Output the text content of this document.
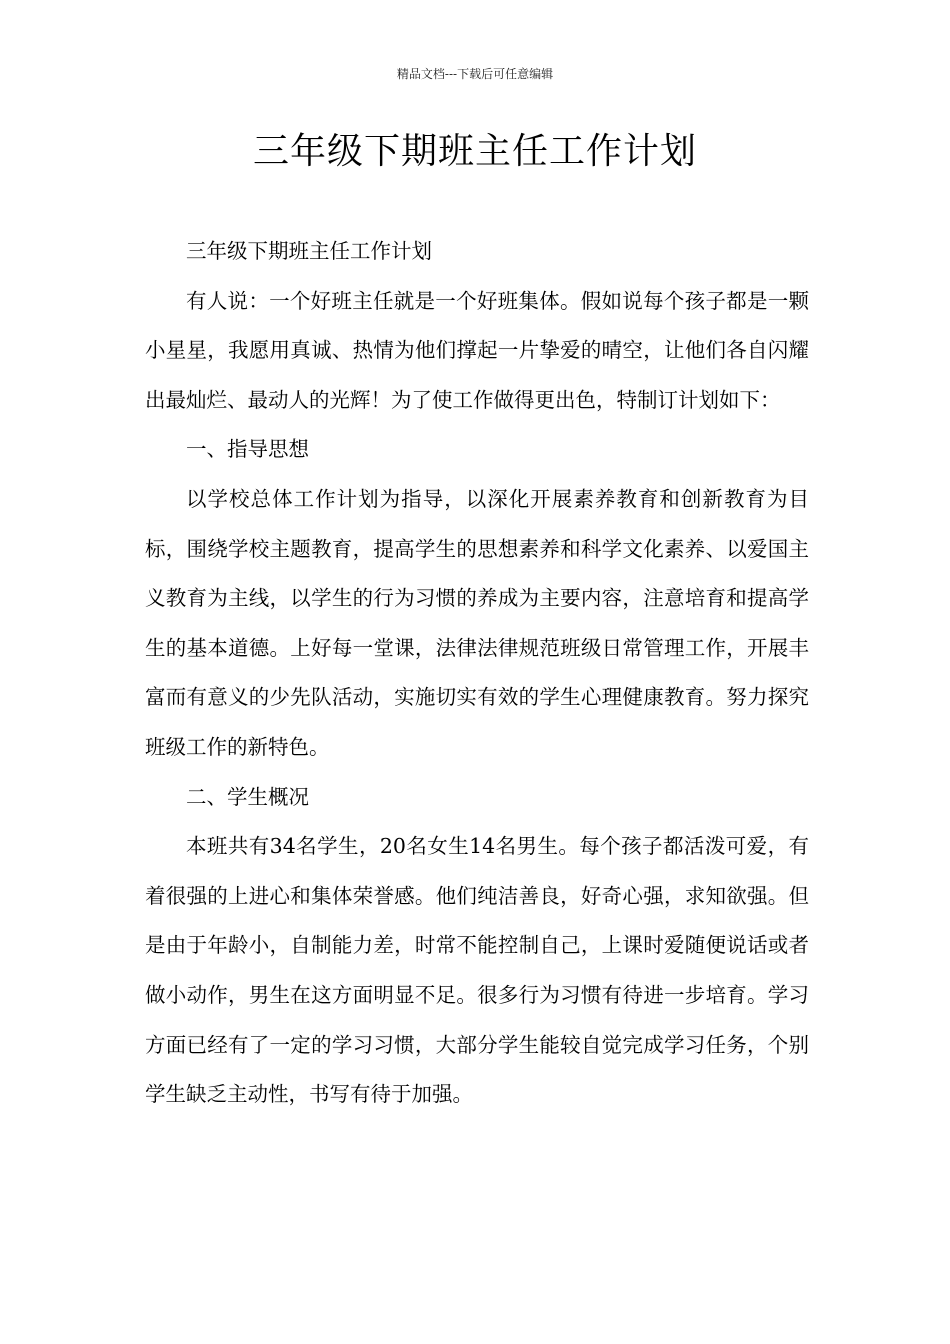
精品文档---下载后可任意编辑
三年级下期班主任工作计划

三年级下期班主任工作计划

有人说：一个好班主任就是一个好班集体。假如说每个孩子都是一颗小星星，我愿用真诚、热情为他们撑起一片挚爱的晴空，让他们各自闪耀出最灿烂、最动人的光辉！为了使工作做得更出色，特制订计划如下：

一、指导思想

以学校总体工作计划为指导，以深化开展素养教育和创新教育为目标，围绕学校主题教育，提高学生的思想素养和科学文化素养、以爱国主义教育为主线，以学生的行为习惯的养成为主要内容，注意培育和提高学生的基本道德。上好每一堂课，法律法律规范班级日常管理工作，开展丰富而有意义的少先队活动，实施切实有效的学生心理健康教育。努力探究班级工作的新特色。

二、学生概况

本班共有34名学生，20名女生14名男生。每个孩子都活泼可爱，有着很强的上进心和集体荣誉感。他们纯洁善良，好奇心强，求知欲强。但是由于年龄小，自制能力差，时常不能控制自己，上课时爱随便说话或者做小动作，男生在这方面明显不足。很多行为习惯有待进一步培育。学习方面已经有了一定的学习习惯，大部分学生能较自觉完成学习任务，个别学生缺乏主动性，书写有待于加强。
